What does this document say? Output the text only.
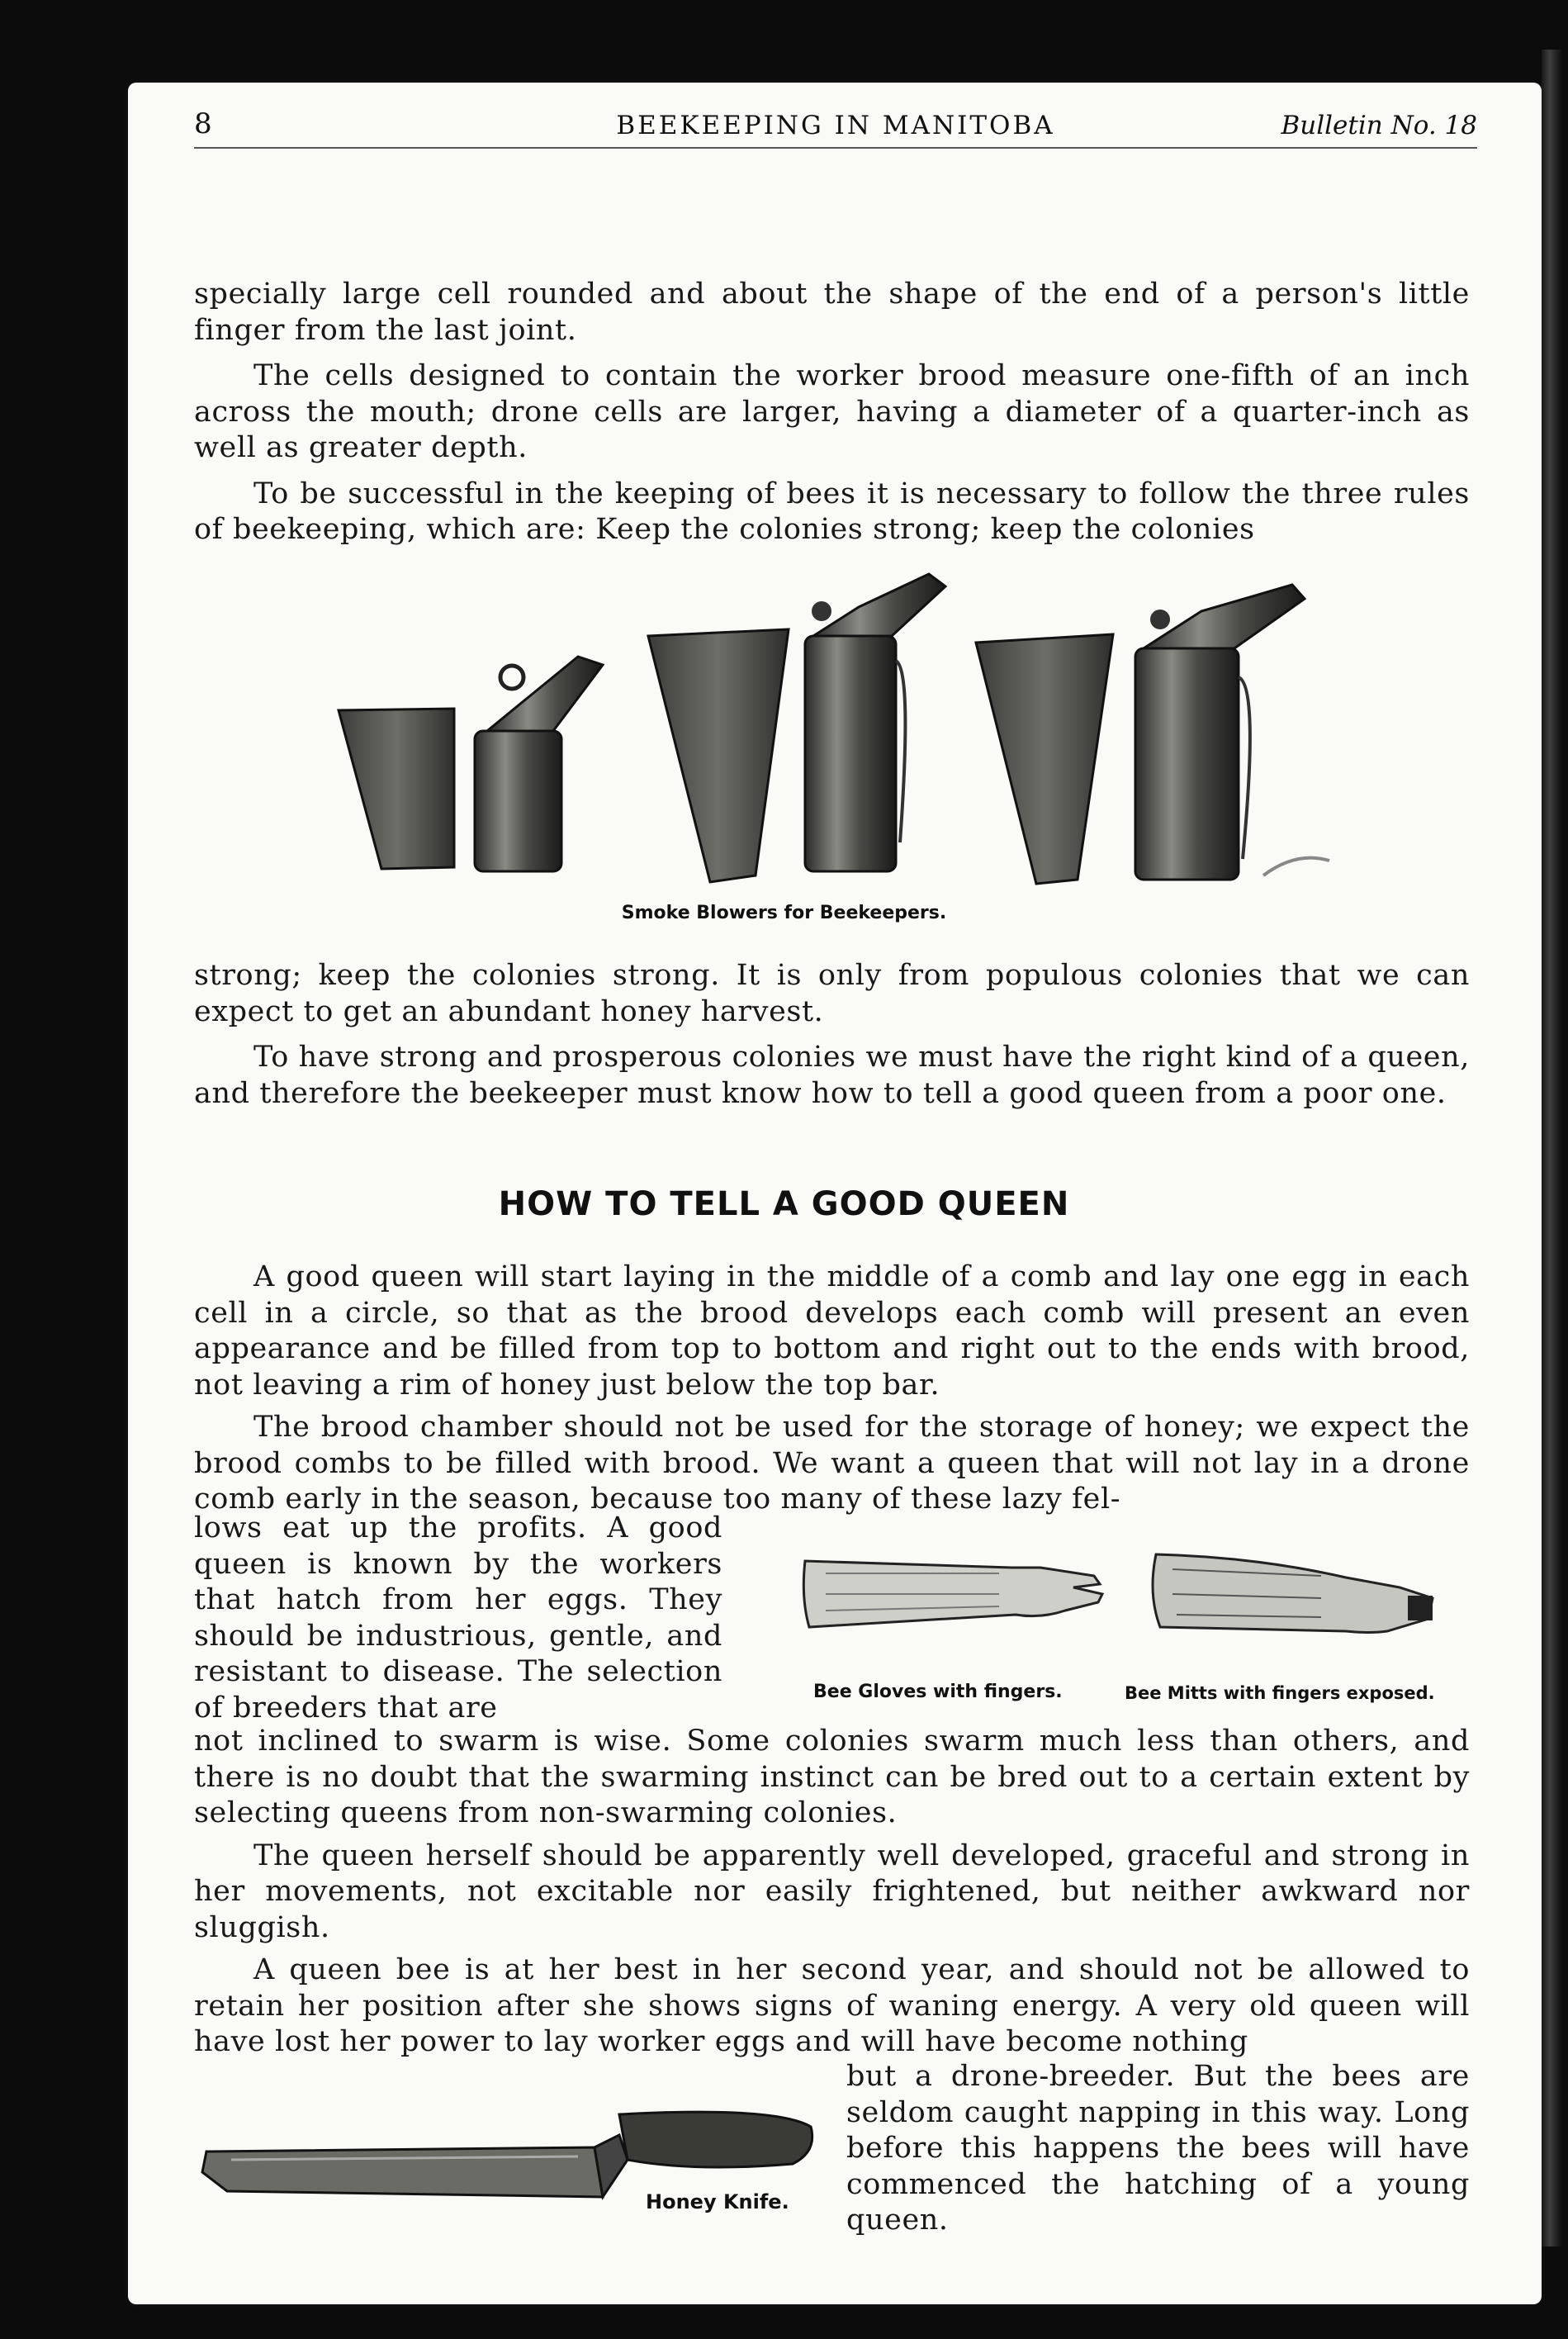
8	BEEKEEPING IN MANITOBA	Bulletin No. 18

specially large cell rounded and about the shape of the end of a person's little finger from the last joint.

The cells designed to contain the worker brood measure one-fifth of an inch across the mouth; drone cells are larger, having a diameter of a quarter-inch as well as greater depth.

To be successful in the keeping of bees it is necessary to follow the three rules of beekeeping, which are: Keep the colonies strong; keep the colonies

Smoke Blowers for Beekeepers.

strong; keep the colonies strong. It is only from populous colonies that we can expect to get an abundant honey harvest.

To have strong and prosperous colonies we must have the right kind of a queen, and therefore the beekeeper must know how to tell a good queen from a poor one.

HOW TO TELL A GOOD QUEEN

A good queen will start laying in the middle of a comb and lay one egg in each cell in a circle, so that as the brood develops each comb will present an even appearance and be filled from top to bottom and right out to the ends with brood, not leaving a rim of honey just below the top bar.

The brood chamber should not be used for the storage of honey; we expect the brood combs to be filled with brood. We want a queen that will not lay in a drone comb early in the season, because too many of these lazy fel-

lows eat up the profits. A good queen is known by the workers that hatch from her eggs. They should be industrious, gentle, and resistant to disease. The selection of breeders that are	Bee Gloves with fingers.	Bee Mitts with fingers exposed.

not inclined to swarm is wise. Some colonies swarm much less than others, and there is no doubt that the swarming instinct can be bred out to a certain extent by selecting queens from non-swarming colonies.

The queen herself should be apparently well developed, graceful and strong in her movements, not excitable nor easily frightened, but neither awkward nor sluggish.

A queen bee is at her best in her second year, and should not be allowed to retain her position after she shows signs of waning energy. A very old queen will have lost her power to lay worker eggs and will have become nothing

Honey Knife.

but a drone-breeder. But the bees are seldom caught napping in this way. Long before this happens the bees will have commenced the hatching of a young queen.
